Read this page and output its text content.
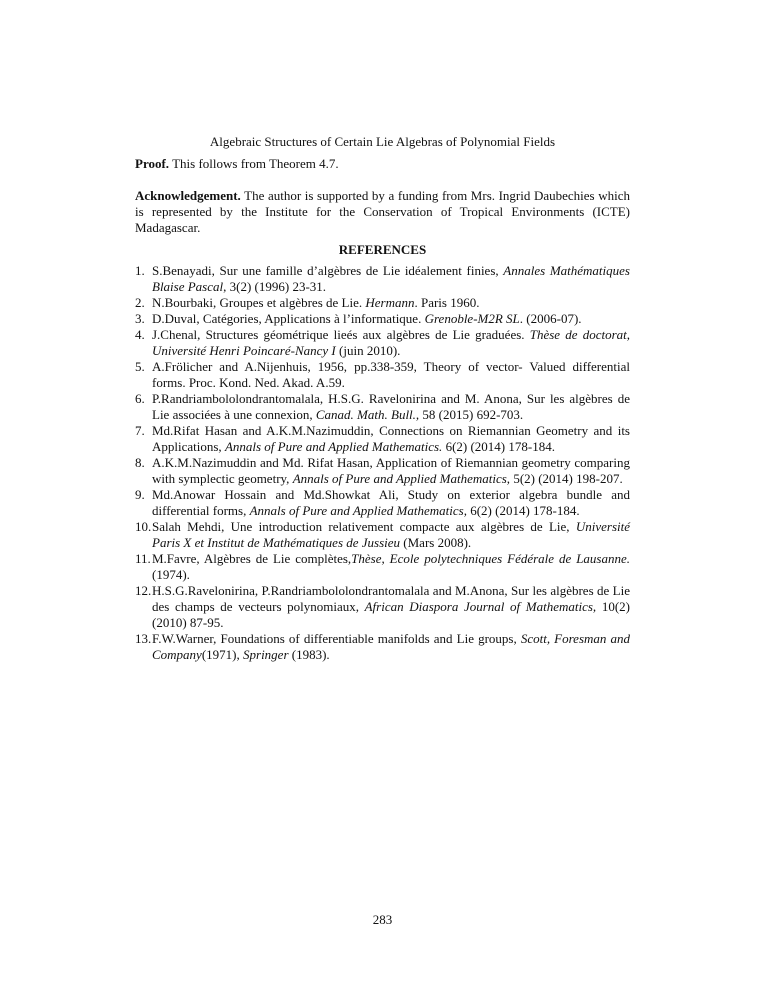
Algebraic Structures of Certain Lie Algebras of Polynomial Fields
Proof. This follows from Theorem 4.7.
Acknowledgement. The author is supported by a funding from Mrs. Ingrid Daubechies which is represented by the Institute for the Conservation of Tropical Environments (ICTE) Madagascar.
REFERENCES
1. S.Benayadi, Sur une famille d’algèbres de Lie idéalement finies, Annales Mathématiques Blaise Pascal, 3(2) (1996) 23-31.
2. N.Bourbaki, Groupes et algèbres de Lie. Hermann. Paris 1960.
3. D.Duval, Catégories, Applications à l’informatique. Grenoble-M2R SL. (2006-07).
4. J.Chenal, Structures géométrique lieés aux algèbres de Lie graduées. Thèse de doctorat, Université Henri Poincaré-Nancy I (juin 2010).
5. A.Frölicher and A.Nijenhuis, 1956, pp.338-359, Theory of vector- Valued differential forms. Proc. Kond. Ned. Akad. A.59.
6. P.Randriambololondrantomalala, H.S.G. Ravelonirina and M. Anona, Sur les algèbres de Lie associées à une connexion, Canad. Math. Bull., 58 (2015) 692-703.
7. Md.Rifat Hasan and A.K.M.Nazimuddin, Connections on Riemannian Geometry and its Applications, Annals of Pure and Applied Mathematics. 6(2) (2014) 178-184.
8. A.K.M.Nazimuddin and Md. Rifat Hasan, Application of Riemannian geometry comparing with symplectic geometry, Annals of Pure and Applied Mathematics, 5(2) (2014) 198-207.
9. Md.Anowar Hossain and Md.Showkat Ali, Study on exterior algebra bundle and differential forms, Annals of Pure and Applied Mathematics, 6(2) (2014) 178-184.
10. Salah Mehdi, Une introduction relativement compacte aux algèbres de Lie, Université Paris X et Institut de Mathématiques de Jussieu (Mars 2008).
11. M.Favre, Algèbres de Lie complètes,Thèse, Ecole polytechniques Fédérale de Lausanne. (1974).
12. H.S.G.Ravelonirina, P.Randriambololondrantomalala and M.Anona, Sur les algèbres de Lie des champs de vecteurs polynomiaux, African Diaspora Journal of Mathematics, 10(2) (2010) 87-95.
13. F.W.Warner, Foundations of differentiable manifolds and Lie groups, Scott, Foresman and Company(1971), Springer (1983).
283
